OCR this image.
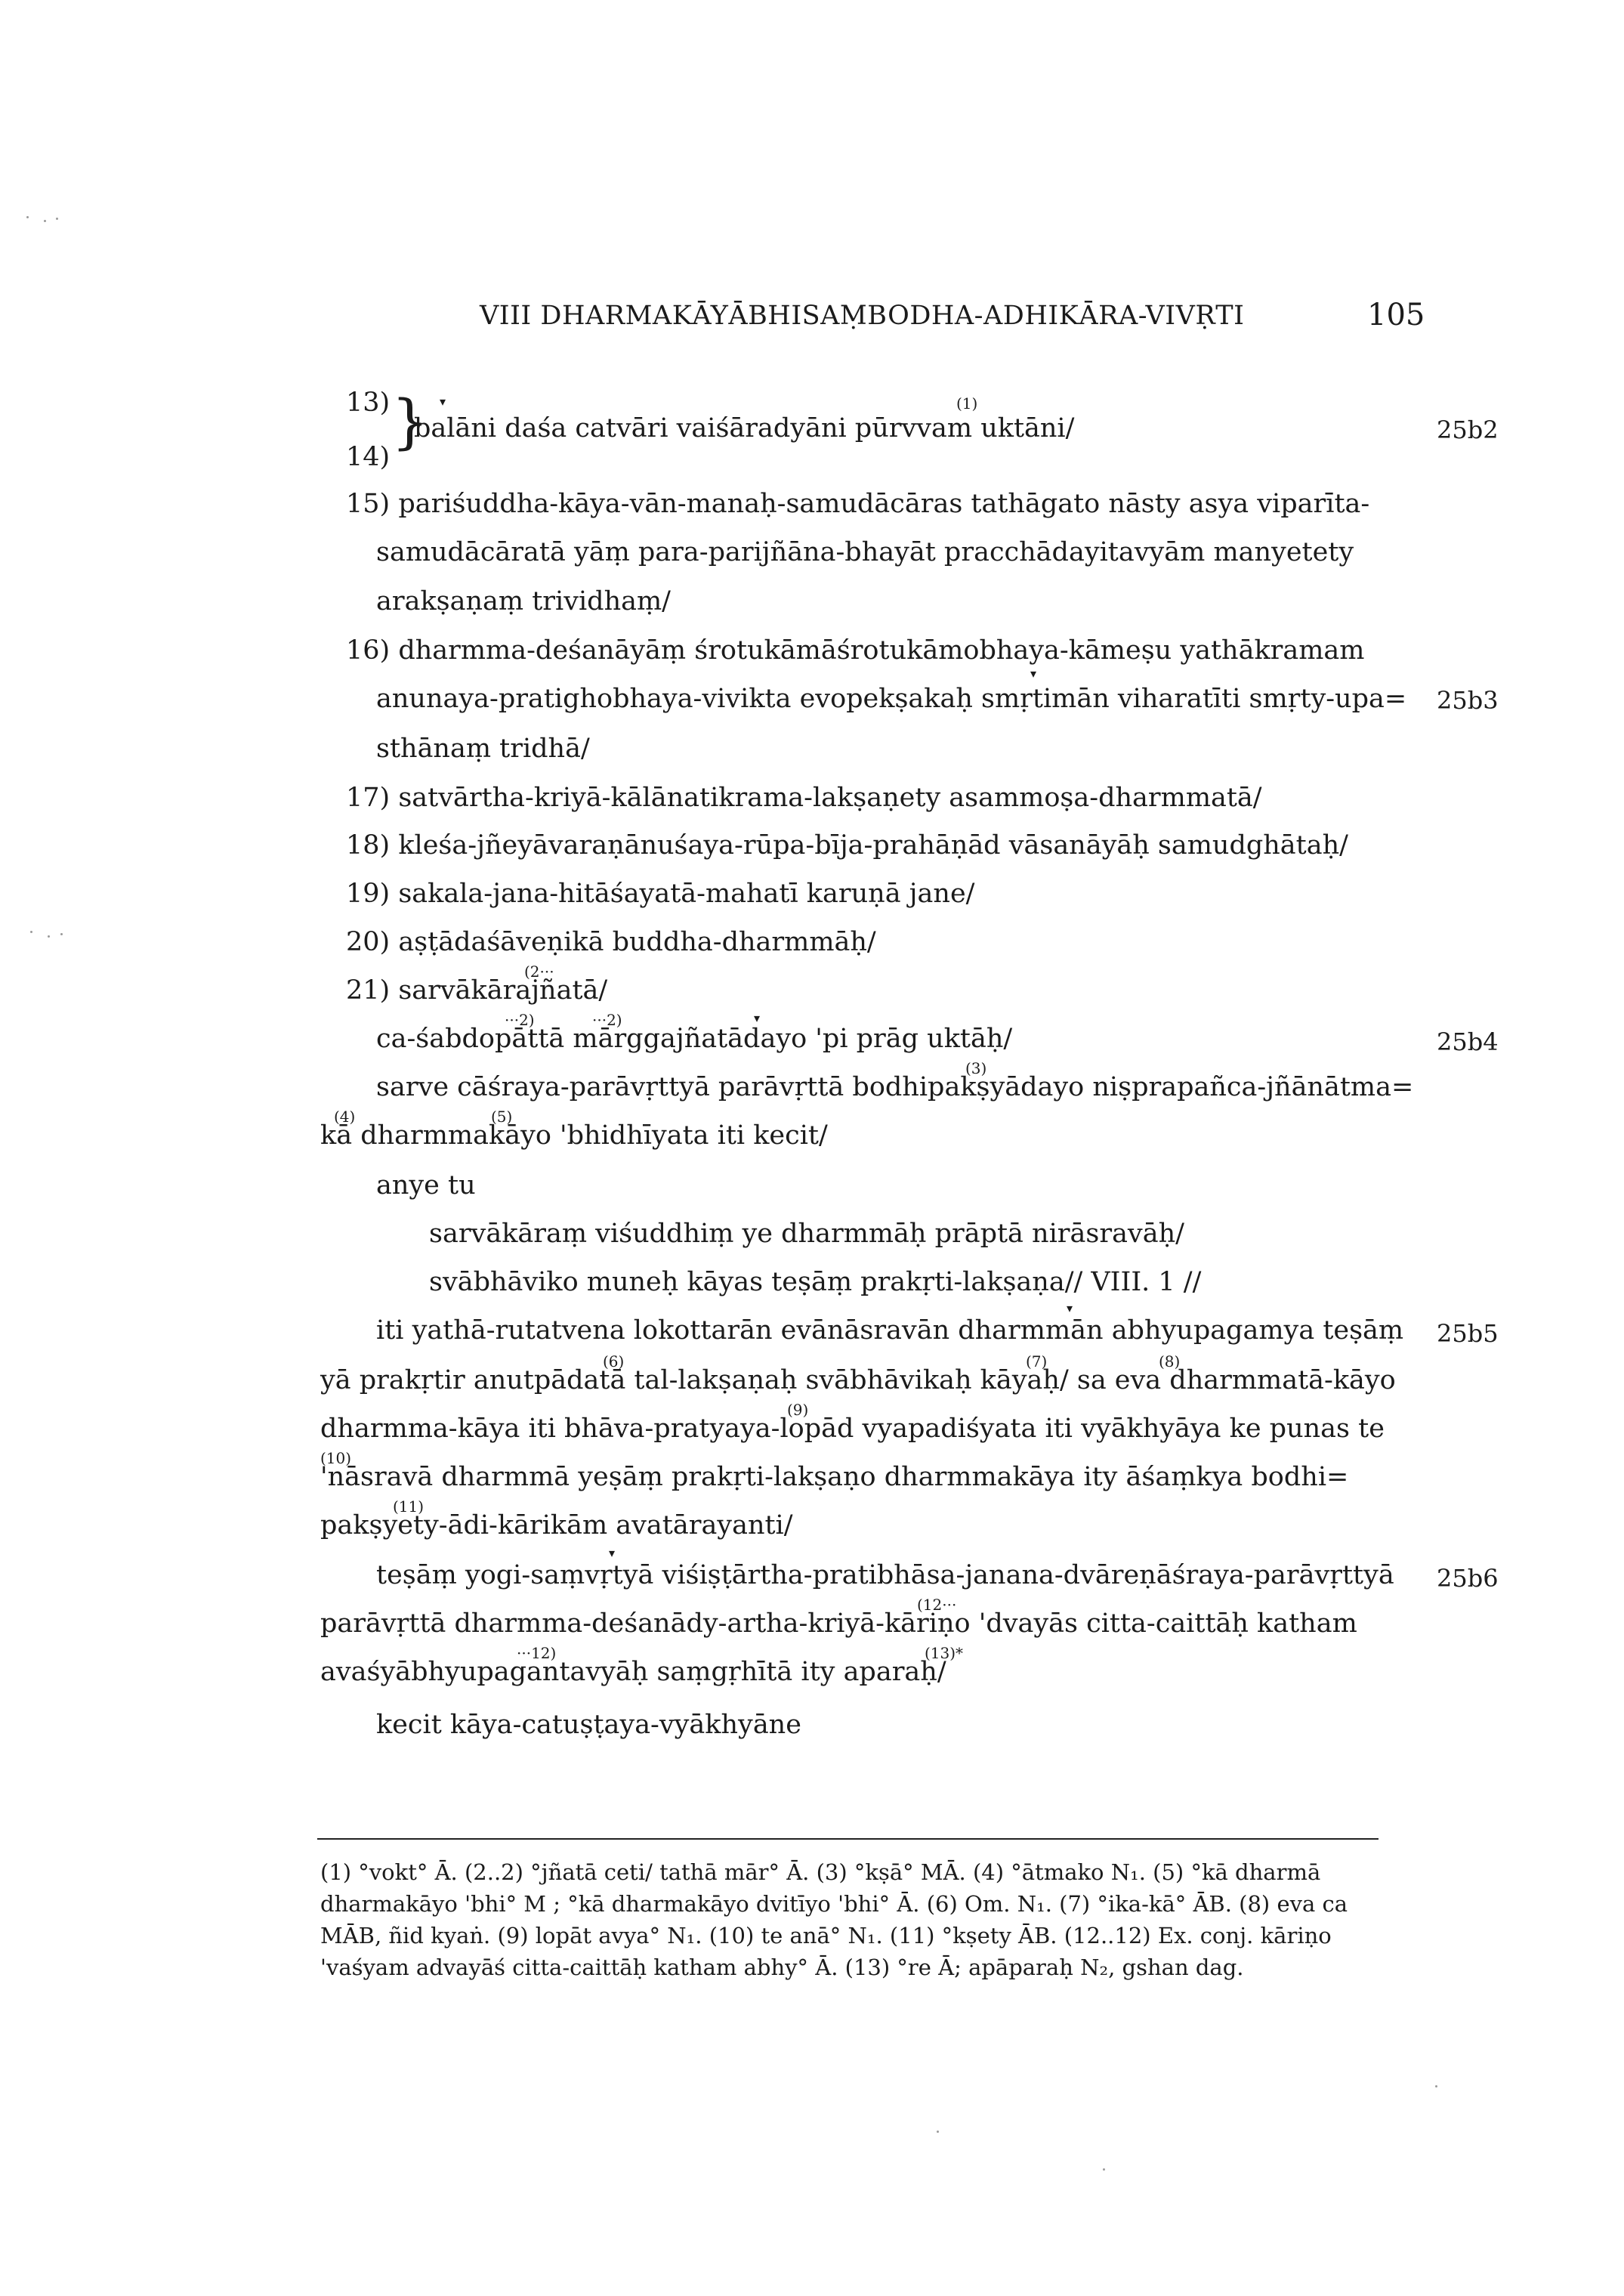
VIII DHARMAKĀYĀBHISAṂBODHA-ADHIKĀRA-VIVṚTI	105
13)
14)
} ▾	(1)
balāni daśa catvāri vaiśāradyāni pūrvvam uktāni/	25b2
15) pariśuddha-kāya-vān-manaḥ-samudācāras tathāgato nāsty asya viparīta-
samudācāratā yāṃ para-parijñāna-bhayāt pracchādayitavyām manyetety
arakṣaṇaṃ trividhaṃ/
16) dharmma-deśanāyāṃ śrotukāmāśrotukāmobhaya-kāmeṣu yathākramam
▾
anunaya-pratighobhaya-vivikta evopekṣakaḥ smṛtimān viharatīti smṛty-upa= 25b3
sthānaṃ tridhā/
17) satvārtha-kriyā-kālānatikrama-lakṣaṇety asammoṣa-dharmmatā/
18) kleśa-jñeyāvaraṇānuśaya-rūpa-bīja-prahāṇād vāsanāyāḥ samudghātaḥ/
19) sakala-jana-hitāśayatā-mahatī karuṇā jane/
20) aṣṭādaśāveṇikā buddha-dharmmāḥ/
(2···
21) sarvākārajñatā/
···2)	···2)	▾
ca-śabdopāttā mārggajñatādayo 'pi prāg uktāḥ/	25b4
(3)
sarve cāśraya-parāvṛttyā parāvṛttā bodhipakṣyādayo niṣprapañca-jñānātma=
(4)	(5)
kā dharmmakāyo 'bhidhīyata iti kecit/
anye tu
sarvākāraṃ viśuddhiṃ ye dharmmāḥ prāptā nirāsravāḥ/
svābhāviko muneḥ kāyas teṣāṃ prakṛti-lakṣaṇa// VIII. 1 //
▾
iti yathā-rutatvena lokottarān evānāsravān dharmmān abhyupagamya teṣāṃ 25b5
(6)	(7)	(8)
yā prakṛtir anutpādatā tal-lakṣaṇaḥ svābhāvikaḥ kāyaḥ/ sa eva dharmmatā-kāyo
(9)
dharmma-kāya iti bhāva-pratyaya-lopād vyapadiśyata iti vyākhyāya ke punas te
(10)
'nāsravā dharmmā yeṣāṃ prakṛti-lakṣaṇo dharmmakāya ity āśaṃkya bodhi=
(11)
pakṣyety-ādi-kārikām avatārayanti/
▾
teṣāṃ yogi-saṃvṛtyā viśiṣṭārtha-pratibhāsa-janana-dvāreṇāśraya-parāvṛttyā 25b6
(12···
parāvṛttā dharmma-deśanādy-artha-kriyā-kāriṇo 'dvayās citta-caittāḥ katham
···12)	(13)*
avaśyābhyupagantavyāḥ saṃgṛhītā ity aparaḥ/
kecit kāya-catuṣṭaya-vyākhyāne
(1) °vokt° Ā. (2..2) °jñatā ceti/ tathā mār° Ā. (3) °kṣā° MĀ. (4) °ātmako N₁. (5) °kā dharmā
dharmakāyo 'bhi° M ; °kā dharmakāyo dvitīyo 'bhi° Ā. (6) Om. N₁. (7) °ika-kā° ĀB. (8) eva ca
MĀB, ñid kyaṅ. (9) lopāt avya° N₁. (10) te anā° N₁. (11) °kṣety ĀB. (12..12) Ex. conj. kāriṇo
'vaśyam advayāś citta-caittāḥ katham abhy° Ā. (13) °re Ā; apāparaḥ N₂, gshan dag.
